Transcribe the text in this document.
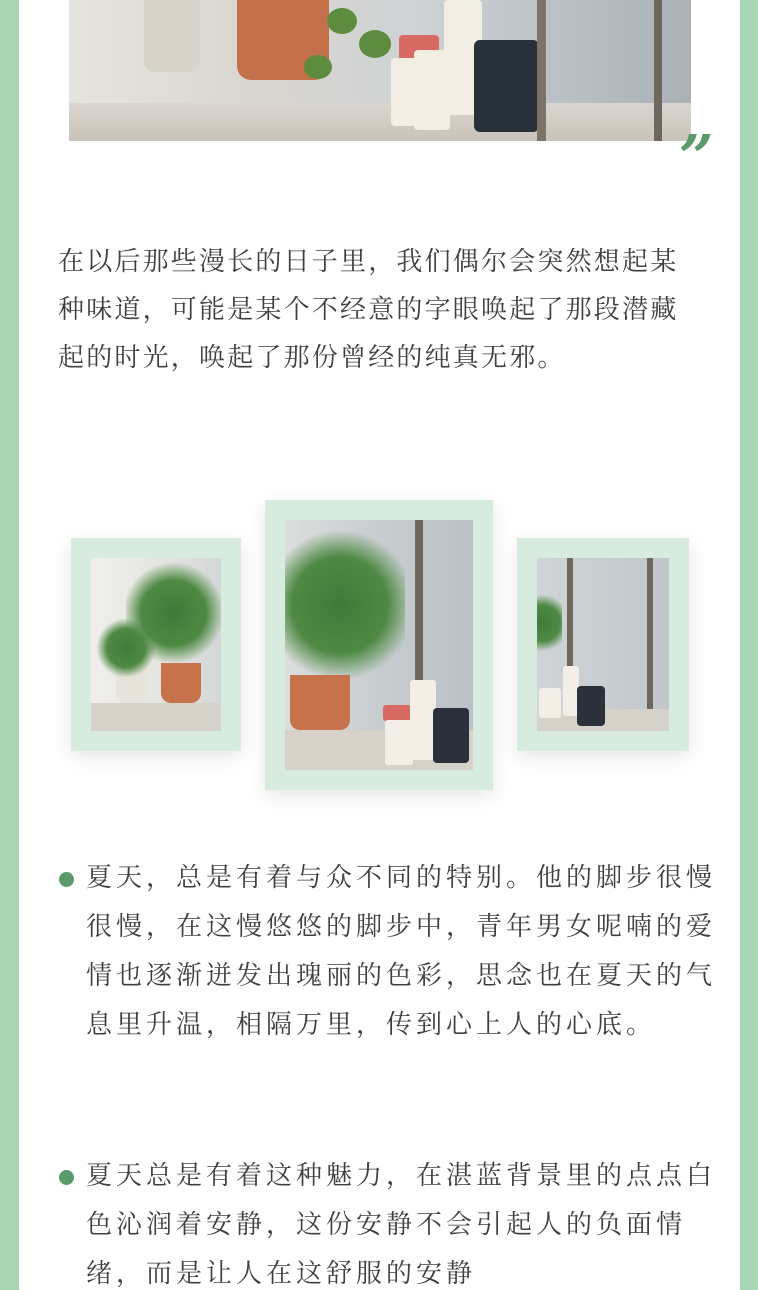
”

在以后那些漫长的日子里，我们偶尔会突然想起某种味道，可能是某个不经意的字眼唤起了那段潜藏起的时光，唤起了那份曾经的纯真无邪。

夏天，总是有着与众不同的特别。他的脚步很慢很慢，在这慢悠悠的脚步中，青年男女呢喃的爱情也逐渐迸发出瑰丽的色彩，思念也在夏天的气息里升温，相隔万里，传到心上人的心底。

夏天总是有着这种魅力，在湛蓝背景里的点点白色沁润着安静，这份安静不会引起人的负面情绪，而是让人在这舒服的安静
